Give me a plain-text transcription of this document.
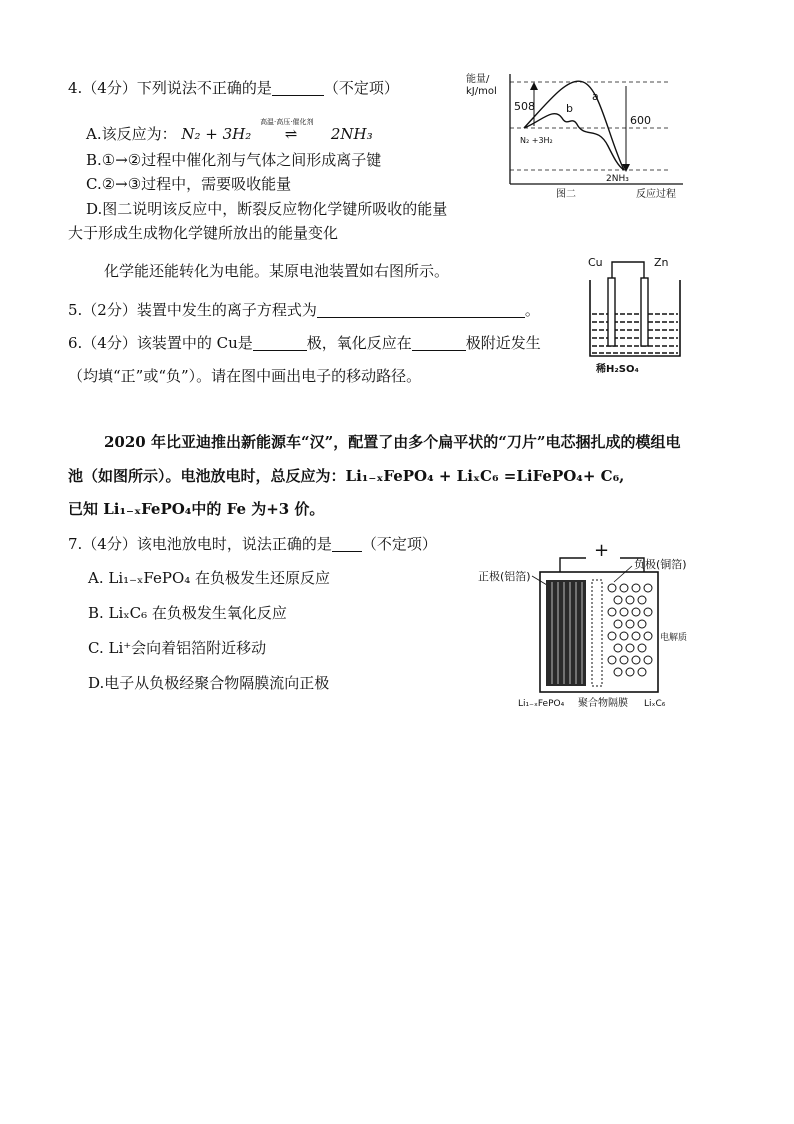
4.（4分）下列说法不正确的是	（不定项）
A.该反应为： N₂ + 3H₂
高温·高压·催化剂
⇌ 2NH₃
B.①→②过程中催化剂与气体之间形成离子键
C.②→③过程中，需要吸收能量
D.图二说明该反应中，断裂反应物化学键所吸收的能量
大于形成生成物化学键所放出的能量变化
能量/
kJ/mol
508
600
a
b
N₂ +3H₂
2NH₃
图二	反应过程
化学能还能转化为电能。某原电池装置如右图所示。
5.（2分）装置中发生的离子方程式为	。
6.（4分）该装置中的 Cu是	极，氧化反应在	极附近发生
（均填“正”或“负”）。请在图中画出电子的移动路径。
Cu	Zn
稀H₂SO₄
2020 年比亚迪推出新能源车“汉”，配置了由多个扁平状的“刀片”电芯捆扎成的模组电
池（如图所示）。电池放电时，总反应为：Li₁₋ₓFePO₄ + LiₓC₆ =LiFePO₄+ C₆,
已知 Li₁₋ₓFePO₄中的 Fe 为+3 价。
7.（4分）该电池放电时，说法正确的是 （不定项）
A. Li₁₋ₓFePO₄ 在负极发生还原反应
B. LiₓC₆ 在负极发生氧化反应
C. Li⁺会向着铝箔附近移动
D.电子从负极经聚合物隔膜流向正极
+
正极(铝箔)
负极(铜箔)
电解质
Li₁₋ₓFePO₄ 聚合物隔膜 LiₓC₆
